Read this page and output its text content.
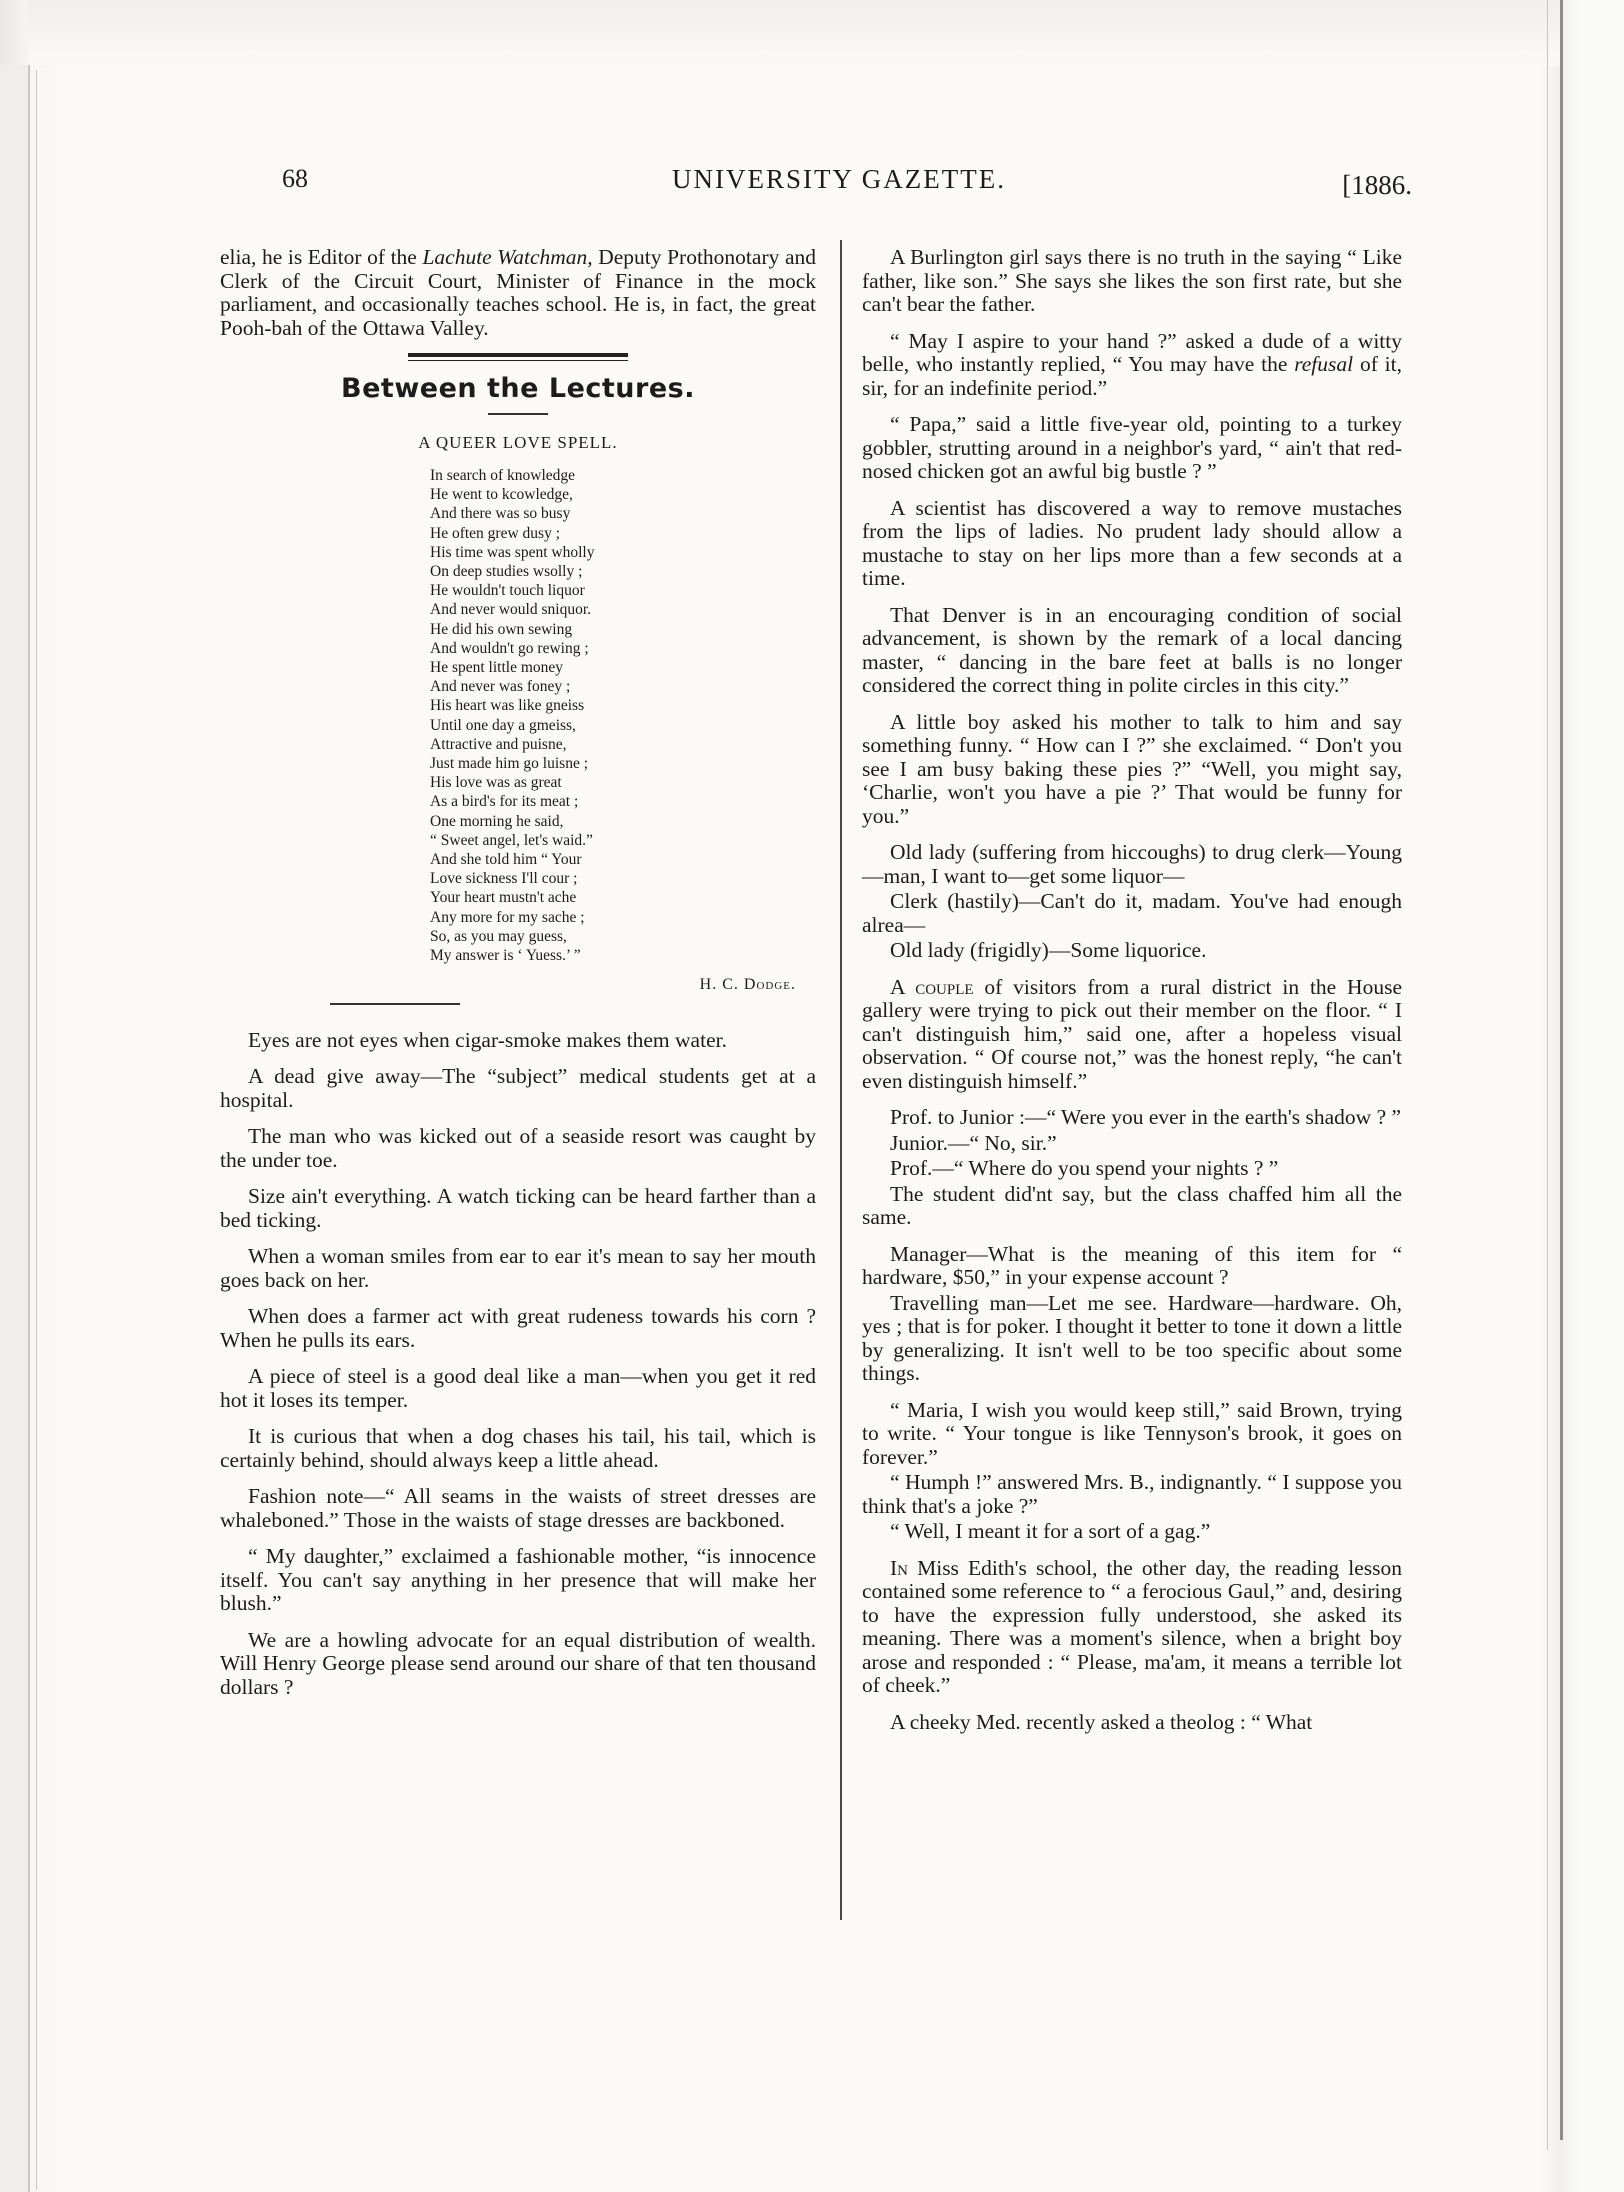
68	UNIVERSITY GAZETTE.	[1886.

elia, he is Editor of the Lachute Watchman, Deputy Prothonotary and Clerk of the Circuit Court, Minister of Finance in the mock parliament, and occasionally teaches school. He is, in fact, the great Pooh-bah of the Ottawa Valley.

Between the Lectures.
A QUEER LOVE SPELL.
In search of knowledge
He went to kcowledge,
And there was so busy
He often grew dusy ;
His time was spent wholly
On deep studies wsolly ;
He wouldn't touch liquor
And never would sniquor.
He did his own sewing
And wouldn't go rewing ;
He spent little money
And never was foney ;
His heart was like gneiss
Until one day a gmeiss,
Attractive and puisne,
Just made him go luisne ;
His love was as great
As a bird's for its meat ;
One morning he said,
“ Sweet angel, let's waid.”
And she told him “ Your
Love sickness I'll cour ;
Your heart mustn't ache
Any more for my sache ;
So, as you may guess,
My answer is ‘ Yuess.’ ”
H. C. Dodge.

Eyes are not eyes when cigar-smoke makes them water.

A dead give away—The “subject” medical students get at a hospital.

The man who was kicked out of a seaside resort was caught by the under toe.

Size ain't everything. A watch ticking can be heard farther than a bed ticking.

When a woman smiles from ear to ear it's mean to say her mouth goes back on her.

When does a farmer act with great rudeness towards his corn ? When he pulls its ears.

A piece of steel is a good deal like a man—when you get it red hot it loses its temper.

It is curious that when a dog chases his tail, his tail, which is certainly behind, should always keep a little ahead.

Fashion note—“ All seams in the waists of street dresses are whaleboned.” Those in the waists of stage dresses are backboned.

“ My daughter,” exclaimed a fashionable mother, “is innocence itself. You can't say anything in her presence that will make her blush.”

We are a howling advocate for an equal distribution of wealth. Will Henry George please send around our share of that ten thousand dollars ?

A Burlington girl says there is no truth in the saying “ Like father, like son.” She says she likes the son first rate, but she can't bear the father.

“ May I aspire to your hand ?” asked a dude of a witty belle, who instantly replied, “ You may have the refusal of it, sir, for an indefinite period.”

“ Papa,” said a little five-year old, pointing to a turkey gobbler, strutting around in a neighbor's yard, “ ain't that red-nosed chicken got an awful big bustle ? ”

A scientist has discovered a way to remove mustaches from the lips of ladies. No prudent lady should allow a mustache to stay on her lips more than a few seconds at a time.

That Denver is in an encouraging condition of social advancement, is shown by the remark of a local dancing master, “ dancing in the bare feet at balls is no longer considered the correct thing in polite circles in this city.”

A little boy asked his mother to talk to him and say something funny. “ How can I ?” she exclaimed. “ Don't you see I am busy baking these pies ?” “Well, you might say, ‘Charlie, won't you have a pie ?’ That would be funny for you.”

Old lady (suffering from hiccoughs) to drug clerk—Young—man, I want to—get some liquor—

Clerk (hastily)—Can't do it, madam. You've had enough alrea—

Old lady (frigidly)—Some liquorice.

A couple of visitors from a rural district in the House gallery were trying to pick out their member on the floor. “ I can't distinguish him,” said one, after a hopeless visual observation. “ Of course not,” was the honest reply, “he can't even distinguish himself.”

Prof. to Junior :—“ Were you ever in the earth's shadow ? ”

Junior.—“ No, sir.”

Prof.—“ Where do you spend your nights ? ”

The student did'nt say, but the class chaffed him all the same.

Manager—What is the meaning of this item for “ hardware, $50,” in your expense account ?

Travelling man—Let me see. Hardware—hardware. Oh, yes ; that is for poker. I thought it better to tone it down a little by generalizing. It isn't well to be too specific about some things.

“ Maria, I wish you would keep still,” said Brown, trying to write. “ Your tongue is like Tennyson's brook, it goes on forever.”

“ Humph !” answered Mrs. B., indignantly. “ I suppose you think that's a joke ?”

“ Well, I meant it for a sort of a gag.”

In Miss Edith's school, the other day, the reading lesson contained some reference to “ a ferocious Gaul,” and, desiring to have the expression fully understood, she asked its meaning. There was a moment's silence, when a bright boy arose and responded : “ Please, ma'am, it means a terrible lot of cheek.”

A cheeky Med. recently asked a theolog : “ What
